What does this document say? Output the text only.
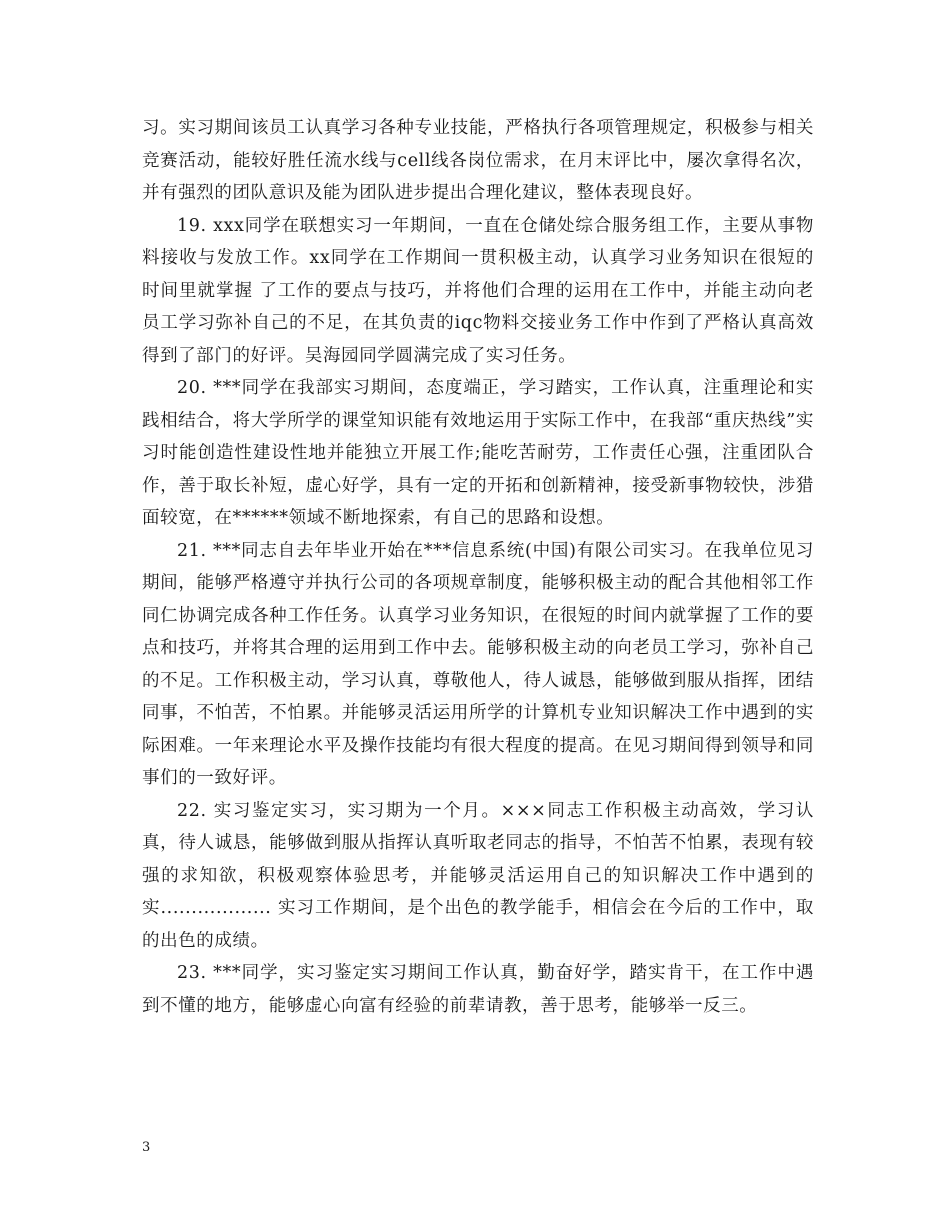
习。实习期间该员工认真学习各种专业技能，严格执行各项管理规定，积极参与相关竞赛活动，能较好胜任流水线与cell线各岗位需求，在月末评比中，屡次拿得名次，并有强烈的团队意识及能为团队进步提出合理化建议，整体表现良好。

19. xxx同学在联想实习一年期间，一直在仓储处综合服务组工作，主要从事物料接收与发放工作。xx同学在工作期间一贯积极主动，认真学习业务知识在很短的时间里就掌握 了工作的要点与技巧，并将他们合理的运用在工作中，并能主动向老员工学习弥补自己的不足，在其负责的iqc物料交接业务工作中作到了严格认真高效得到了部门的好评。吴海园同学圆满完成了实习任务。

20. ***同学在我部实习期间，态度端正，学习踏实，工作认真，注重理论和实践相结合，将大学所学的课堂知识能有效地运用于实际工作中，在我部“重庆热线”实习时能创造性建设性地并能独立开展工作;能吃苦耐劳，工作责任心强，注重团队合作，善于取长补短，虚心好学，具有一定的开拓和创新精神，接受新事物较快，涉猎面较宽，在******领域不断地探索，有自己的思路和设想。

21. ***同志自去年毕业开始在***信息系统(中国)有限公司实习。在我单位见习期间，能够严格遵守并执行公司的各项规章制度，能够积极主动的配合其他相邻工作同仁协调完成各种工作任务。认真学习业务知识，在很短的时间内就掌握了工作的要点和技巧，并将其合理的运用到工作中去。能够积极主动的向老员工学习，弥补自己的不足。工作积极主动，学习认真，尊敬他人，待人诚恳，能够做到服从指挥，团结同事，不怕苦，不怕累。并能够灵活运用所学的计算机专业知识解决工作中遇到的实际困难。一年来理论水平及操作技能均有很大程度的提高。在见习期间得到领导和同事们的一致好评。

22. 实习鉴定实习，实习期为一个月。×××同志工作积极主动高效，学习认真，待人诚恳，能够做到服从指挥认真听取老同志的指导，不怕苦不怕累，表现有较强的求知欲，积极观察体验思考，并能够灵活运用自己的知识解决工作中遇到的实.................. 实习工作期间，是个出色的教学能手，相信会在今后的工作中，取的出色的成绩。

23. ***同学，实习鉴定实习期间工作认真，勤奋好学，踏实肯干，在工作中遇到不懂的地方，能够虚心向富有经验的前辈请教，善于思考，能够举一反三。

3
